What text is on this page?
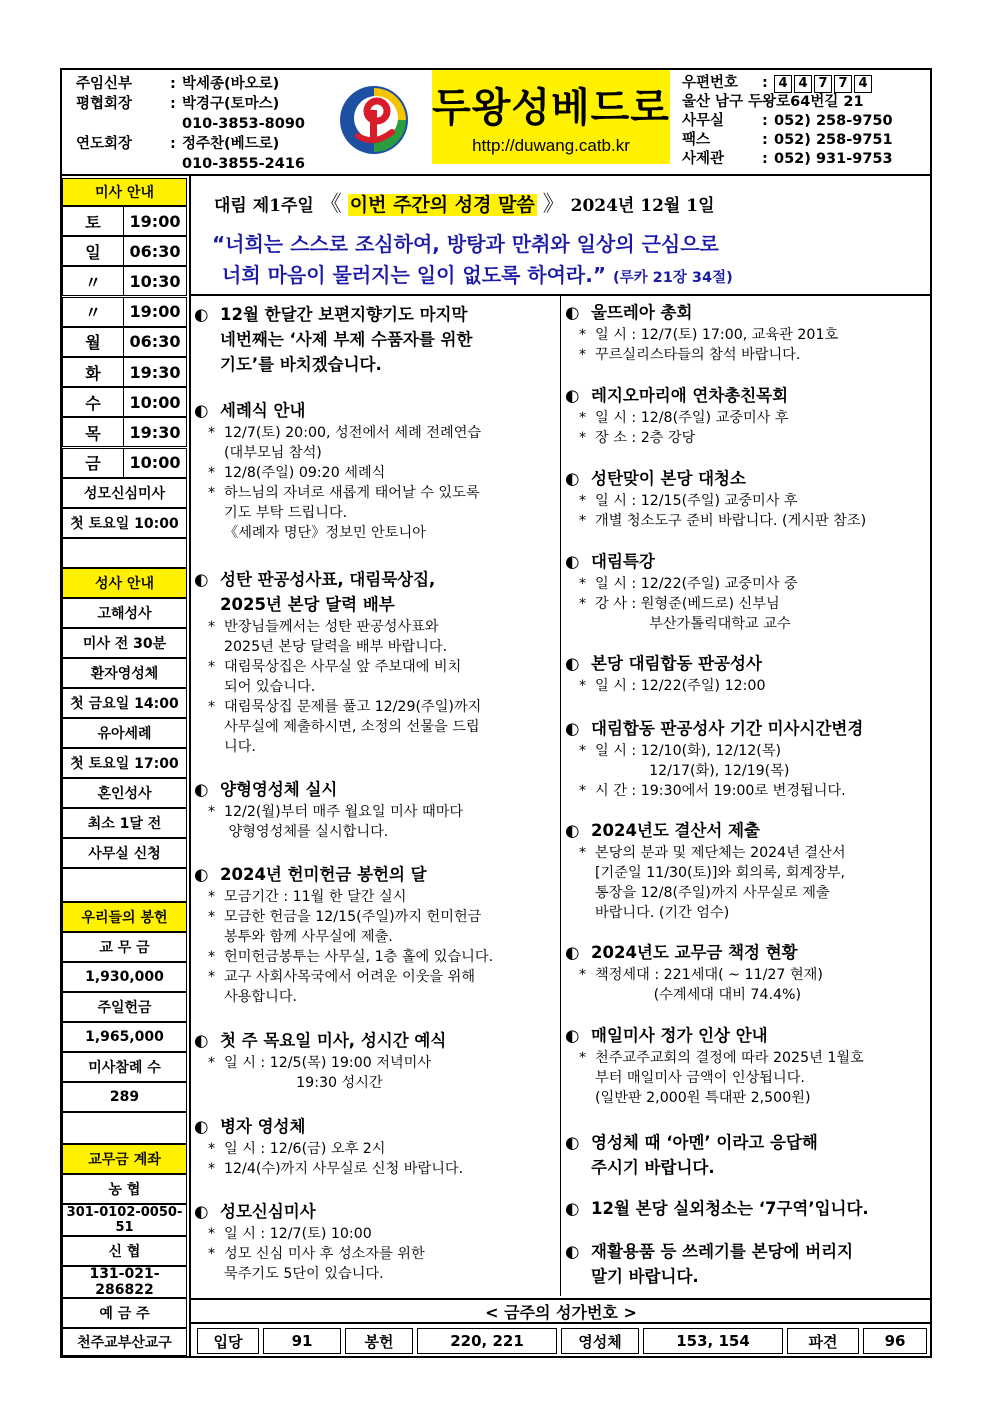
주임신부	: 박세종(바오로)
평협회장	: 박경구(토마스)
010-3853-8090
연도회장	: 정주찬(베드로)
010-3855-2416
두왕성베드로
http://duwang.catb.kr
우편번호	: 4 4 7 7 4
울산 남구 두왕로64번길 21
사무실	: 052) 258-9750
팩스	: 052) 258-9751
사제관	: 052) 931-9753
미사 안내
토	19:00
일	06:30
〃	10:30
〃	19:00
월	06:30
화	19:30
수	10:00
목	19:30
금	10:00
성모신심미사
첫 토요일 10:00
성사 안내
고해성사
미사 전 30분
환자영성체
첫 금요일 14:00
유아세례
첫 토요일 17:00
혼인성사
최소 1달 전
사무실 신청
우리들의 봉헌
교 무 금
1,930,000
주일헌금
1,965,000
미사참례 수
289
교무금 계좌
농 협
301-0102-0050-51
신 협
131-021-286822
예 금 주
천주교부산교구
대림 제1주일 《 이번 주간의 성경 말씀 》 2024년 12월 1일
“너희는 스스로 조심하여, 방탕과 만취와 일상의 근심으로
너희 마음이 물러지는 일이 없도록 하여라.” (루카 21장 34절)
◐ 12월 한달간 보편지향기도 마지막
네번째는 ‘사제 부제 수품자를 위한
기도’를 바치겠습니다.
◐ 세례식 안내
* 12/7(토) 20:00, 성전에서 세례 전례연습
(대부모님 참석)
* 12/8(주일) 09:20 세례식
* 하느님의 자녀로 새롭게 태어날 수 있도록
기도 부탁 드립니다.
《세례자 명단》정보민 안토니아
◐ 성탄 판공성사표, 대림묵상집,
2025년 본당 달력 배부
* 반장님들께서는 성탄 판공성사표와
2025년 본당 달력을 배부 바랍니다.
* 대림묵상집은 사무실 앞 주보대에 비치
되어 있습니다.
* 대림묵상집 문제를 풀고 12/29(주일)까지
사무실에 제출하시면, 소정의 선물을 드립
니다.
◐ 양형영성체 실시
* 12/2(월)부터 매주 월요일 미사 때마다
양형영성체를 실시합니다.
◐ 2024년 헌미헌금 봉헌의 달
* 모금기간 : 11월 한 달간 실시
* 모금한 헌금을 12/15(주일)까지 헌미헌금
봉투와 함께 사무실에 제출.
* 헌미헌금봉투는 사무실, 1층 홀에 있습니다.
* 교구 사회사목국에서 어려운 이웃을 위해
사용합니다.
◐ 첫 주 목요일 미사, 성시간 예식
* 일 시 : 12/5(목) 19:00 저녁미사
19:30 성시간
◐ 병자 영성체
* 일 시 : 12/6(금) 오후 2시
* 12/4(수)까지 사무실로 신청 바랍니다.
◐ 성모신심미사
* 일 시 : 12/7(토) 10:00
* 성모 신심 미사 후 성소자를 위한
묵주기도 5단이 있습니다.
◐ 울뜨레아 총회
* 일 시 : 12/7(토) 17:00, 교육관 201호
* 꾸르실리스타들의 참석 바랍니다.
◐ 레지오마리애 연차총친목회
* 일 시 : 12/8(주일) 교중미사 후
* 장 소 : 2층 강당
◐ 성탄맞이 본당 대청소
* 일 시 : 12/15(주일) 교중미사 후
* 개별 청소도구 준비 바랍니다. (게시판 참조)
◐ 대림특강
* 일 시 : 12/22(주일) 교중미사 중
* 강 사 : 원형준(베드로) 신부님
부산가톨릭대학교 교수
◐ 본당 대림합동 판공성사
* 일 시 : 12/22(주일) 12:00
◐ 대림합동 판공성사 기간 미사시간변경
* 일 시 : 12/10(화), 12/12(목)
12/17(화), 12/19(목)
* 시 간 : 19:30에서 19:00로 변경됩니다.
◐ 2024년도 결산서 제출
* 본당의 분과 및 제단체는 2024년 결산서
[기준일 11/30(토)]와 회의록, 회계장부,
통장을 12/8(주일)까지 사무실로 제출
바랍니다. (기간 엄수)
◐ 2024년도 교무금 책정 현황
* 책정세대 : 221세대( ~ 11/27 현재)
(수계세대 대비 74.4%)
◐ 매일미사 정가 인상 안내
* 천주교주교회의 결정에 따라 2025년 1월호
부터 매일미사 금액이 인상됩니다.
(일반판 2,000원 특대판 2,500원)
◐ 영성체 때 ‘아멘’ 이라고 응답해
주시기 바랍니다.
◐ 12월 본당 실외청소는 ‘7구역’입니다.
◐ 재활용품 등 쓰레기를 본당에 버리지
말기 바랍니다.
< 금주의 성가번호 >
입당	91	봉헌	220, 221	영성체	153, 154	파견	96
